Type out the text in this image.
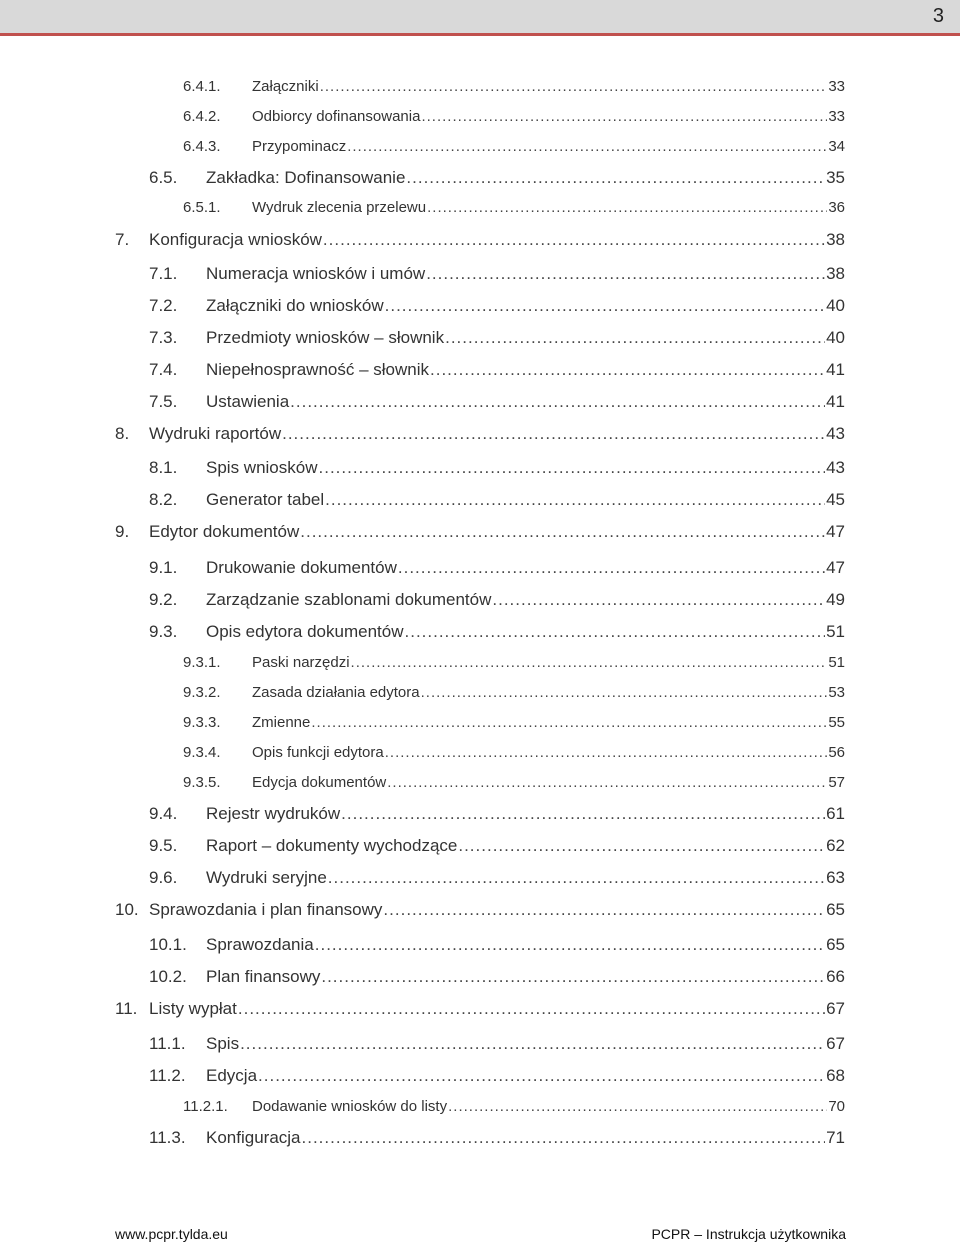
3
6.4.1.	Załączniki .....	33
6.4.2.	Odbiorcy dofinansowania .....	33
6.4.3.	Przypominacz .....	34
6.5.	Zakładka: Dofinansowanie .....	35
6.5.1.	Wydruk zlecenia przelewu .....	36
7.	Konfiguracja wniosków .....	38
7.1.	Numeracja wniosków i umów .....	38
7.2.	Załączniki do wniosków .....	40
7.3.	Przedmioty wniosków – słownik .....	40
7.4.	Niepełnosprawność – słownik .....	41
7.5.	Ustawienia .....	41
8.	Wydruki raportów .....	43
8.1.	Spis wniosków .....	43
8.2.	Generator tabel .....	45
9.	Edytor dokumentów .....	47
9.1.	Drukowanie dokumentów .....	47
9.2.	Zarządzanie szablonami dokumentów .....	49
9.3.	Opis edytora dokumentów .....	51
9.3.1.	Paski narzędzi .....	51
9.3.2.	Zasada działania edytora .....	53
9.3.3.	Zmienne .....	55
9.3.4.	Opis funkcji edytora .....	56
9.3.5.	Edycja dokumentów .....	57
9.4.	Rejestr wydruków .....	61
9.5.	Raport – dokumenty wychodzące .....	62
9.6.	Wydruki seryjne .....	63
10. Sprawozdania i plan finansowy .....	65
10.1.	Sprawozdania .....	65
10.2.	Plan finansowy .....	66
11. Listy wypłat .....	67
11.1.	Spis .....	67
11.2.	Edycja .....	68
11.2.1.	Dodawanie wniosków do listy .....	70
11.3.	Konfiguracja .....	71
www.pcpr.tylda.eu	PCPR – Instrukcja użytkownika
